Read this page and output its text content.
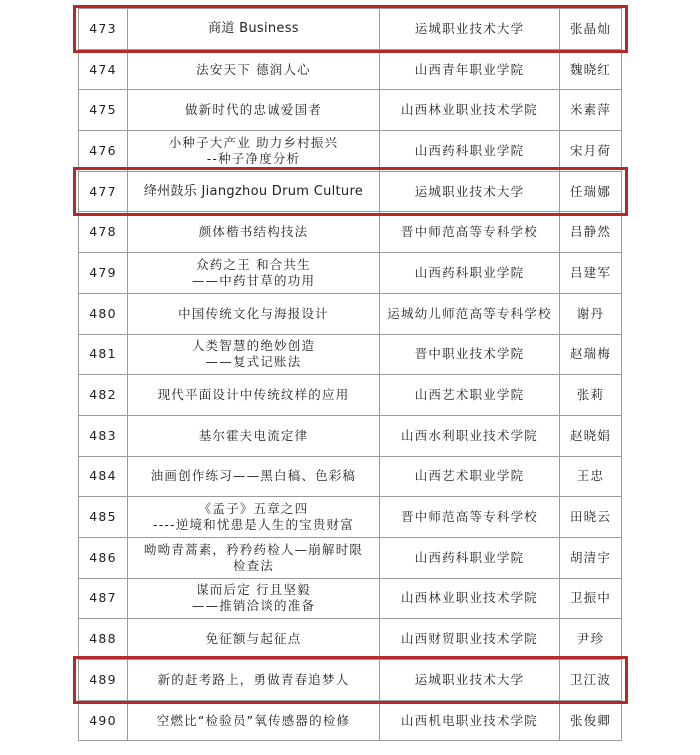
473	商道 Business	运城职业技术大学	张晶灿
474	法安天下 德润人心	山西青年职业学院	魏晓红
475	做新时代的忠诚爱国者	山西林业职业技术学院	米素萍
476	小种子大产业 助力乡村振兴
--种子净度分析	山西药科职业学院	宋月荷
477	绛州鼓乐 Jiangzhou Drum Culture	运城职业技术大学	任瑞娜
478	颜体楷书结构技法	晋中师范高等专科学校	吕静然
479	众药之王 和合共生
——中药甘草的功用	山西药科职业学院	吕建军
480	中国传统文化与海报设计	运城幼儿师范高等专科学校	谢丹
481	人类智慧的绝妙创造
——复式记账法	晋中职业技术学院	赵瑞梅
482	现代平面设计中传统纹样的应用	山西艺术职业学院	张莉
483	基尔霍夫电流定律	山西水利职业技术学院	赵晓娟
484	油画创作练习——黑白稿、色彩稿	山西艺术职业学院	王忠
485	《孟子》五章之四
----逆境和忧患是人生的宝贵财富	晋中师范高等专科学校	田晓云
486	呦呦青蒿素，矜矜药检人—崩解时限
检查法	山西药科职业学院	胡清宇
487	谋而后定 行且坚毅
——推销洽谈的准备	山西林业职业技术学院	卫振中
488	免征额与起征点	山西财贸职业技术学院	尹珍
489	新的赶考路上，勇做青春追梦人	运城职业技术大学	卫江波
490	空燃比“检验员”氧传感器的检修	山西机电职业技术学院	张俊卿
